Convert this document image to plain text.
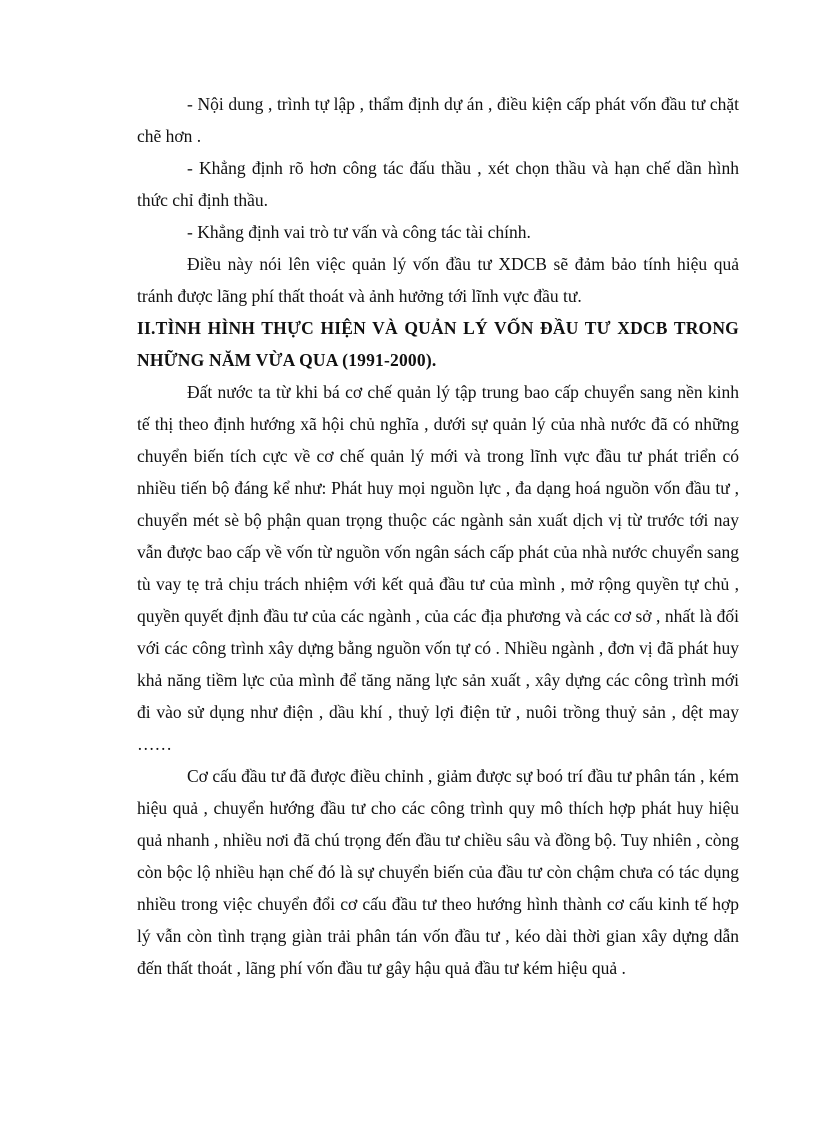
- Nội dung , trình tự lập , thẩm định dự án , điều kiện cấp phát vốn đầu tư chặt chẽ hơn .

- Khẳng định rõ hơn công tác đấu thầu , xét chọn thầu và hạn chế dần hình thức chỉ định thầu.

- Khẳng định vai trò tư vấn và công tác tài chính.

Điều này nói lên việc quản lý vốn đầu tư XDCB sẽ đảm bảo tính hiệu quả tránh được lãng phí thất thoát và ảnh hưởng tới lĩnh vực đầu tư.

II.TÌNH HÌNH THỰC HIỆN VÀ QUẢN LÝ VỐN ĐẦU TƯ XDCB TRONG NHỮNG NĂM VỪA QUA (1991-2000).

Đất nước ta từ khi bá cơ chế quản lý tập trung bao cấp chuyển sang nền kinh tế thị theo định hướng xã hội chủ nghĩa , dưới sự quản lý của nhà nước đã có những chuyển biến tích cực về cơ chế quản lý mới và trong lĩnh vực đầu tư phát triển có nhiều tiến bộ đáng kể như: Phát huy mọi nguồn lực , đa dạng hoá nguồn vốn đầu tư , chuyển mét sè bộ phận quan trọng thuộc các ngành sản xuất dịch vị từ trước tới nay vẫn được bao cấp về vốn từ nguồn vốn ngân sách cấp phát của nhà nước chuyển sang tù vay tẹ trả chịu trách nhiệm với kết quả đầu tư của mình , mở rộng quyền tự chủ , quyền quyết định đầu tư của các ngành , của các địa phương và các cơ sở , nhất là đối với các công trình xây dựng bằng nguồn vốn tự có . Nhiều ngành , đơn vị đã phát huy khả năng tiềm lực của mình để tăng năng lực sản xuất , xây dựng các công trình mới đi vào sử dụng như điện , dầu khí , thuỷ lợi điện tử , nuôi trồng thuỷ sản , dệt may ……

Cơ cấu đầu tư đã được điều chỉnh , giảm được sự boó trí đầu tư phân tán , kém hiệu quả , chuyển hướng đầu tư cho các công trình quy mô thích hợp phát huy hiệu quả nhanh , nhiều nơi đã chú trọng đến đầu tư chiều sâu và đồng bộ. Tuy nhiên , còng còn bộc lộ nhiều hạn chế đó là sự chuyển biến của đầu tư còn chậm chưa có tác dụng nhiều trong việc chuyển đổi cơ cấu đầu tư theo hướng hình thành cơ cấu kinh tế hợp lý vẫn còn tình trạng giàn trải phân tán vốn đầu tư , kéo dài thời gian xây dựng dẫn đến thất thoát , lãng phí vốn đầu tư gây hậu quả đầu tư kém hiệu quả .
